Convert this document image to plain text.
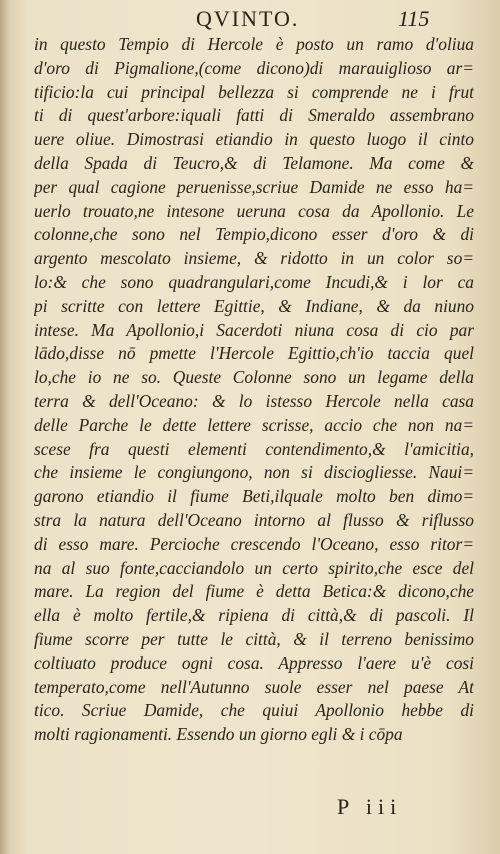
QVINTO.	115
in questo Tempio di Hercole è posto un ramo d'oliua
d'oro di Pigmalione,(come dicono)di marauiglioso ar=
tificio:la cui principal bellezza si comprende ne i frut
ti di quest'arbore:iquali fatti di Smeraldo assembrano
uere oliue. Dimostrasi etiandio in questo luogo il cinto
della Spada di Teucro,& di Telamone. Ma come &
per qual cagione peruenisse,scriue Damide ne esso ha=
uerlo trouato,ne intesone ueruna cosa da Apollonio. Le
colonne,che sono nel Tempio,dicono esser d'oro & di
argento mescolato insieme, & ridotto in un color so=
lo:& che sono quadrangulari,come Incudi,& i lor ca
pi scritte con lettere Egittie, & Indiane, & da niuno
intese. Ma Apollonio,i Sacerdoti niuna cosa di cio par
lādo,disse nō pmette l'Hercole Egittio,ch'io taccia quel
lo,che io ne so. Queste Colonne sono un legame della
terra & dell'Oceano: & lo istesso Hercole nella casa
delle Parche le dette lettere scrisse, accio che non na=
scese fra questi elementi contendimento,& l'amicitia,
che insieme le congiungono, non si disciogliesse. Naui=
garono etiandio il fiume Beti,ilquale molto ben dimo=
stra la natura dell'Oceano intorno al flusso & riflusso
di esso mare. Percioche crescendo l'Oceano, esso ritor=
na al suo fonte,cacciandolo un certo spirito,che esce del
mare. La region del fiume è detta Betica:& dicono,che
ella è molto fertile,& ripiena di città,& di pascoli. Il
fiume scorre per tutte le città, & il terreno benissimo
coltiuato produce ogni cosa. Appresso l'aere u'è cosi
temperato,come nell'Autunno suole esser nel paese At
tico. Scriue Damide, che quiui Apollonio hebbe di
molti ragionamenti. Essendo un giorno egli & i cōpa
P iii
